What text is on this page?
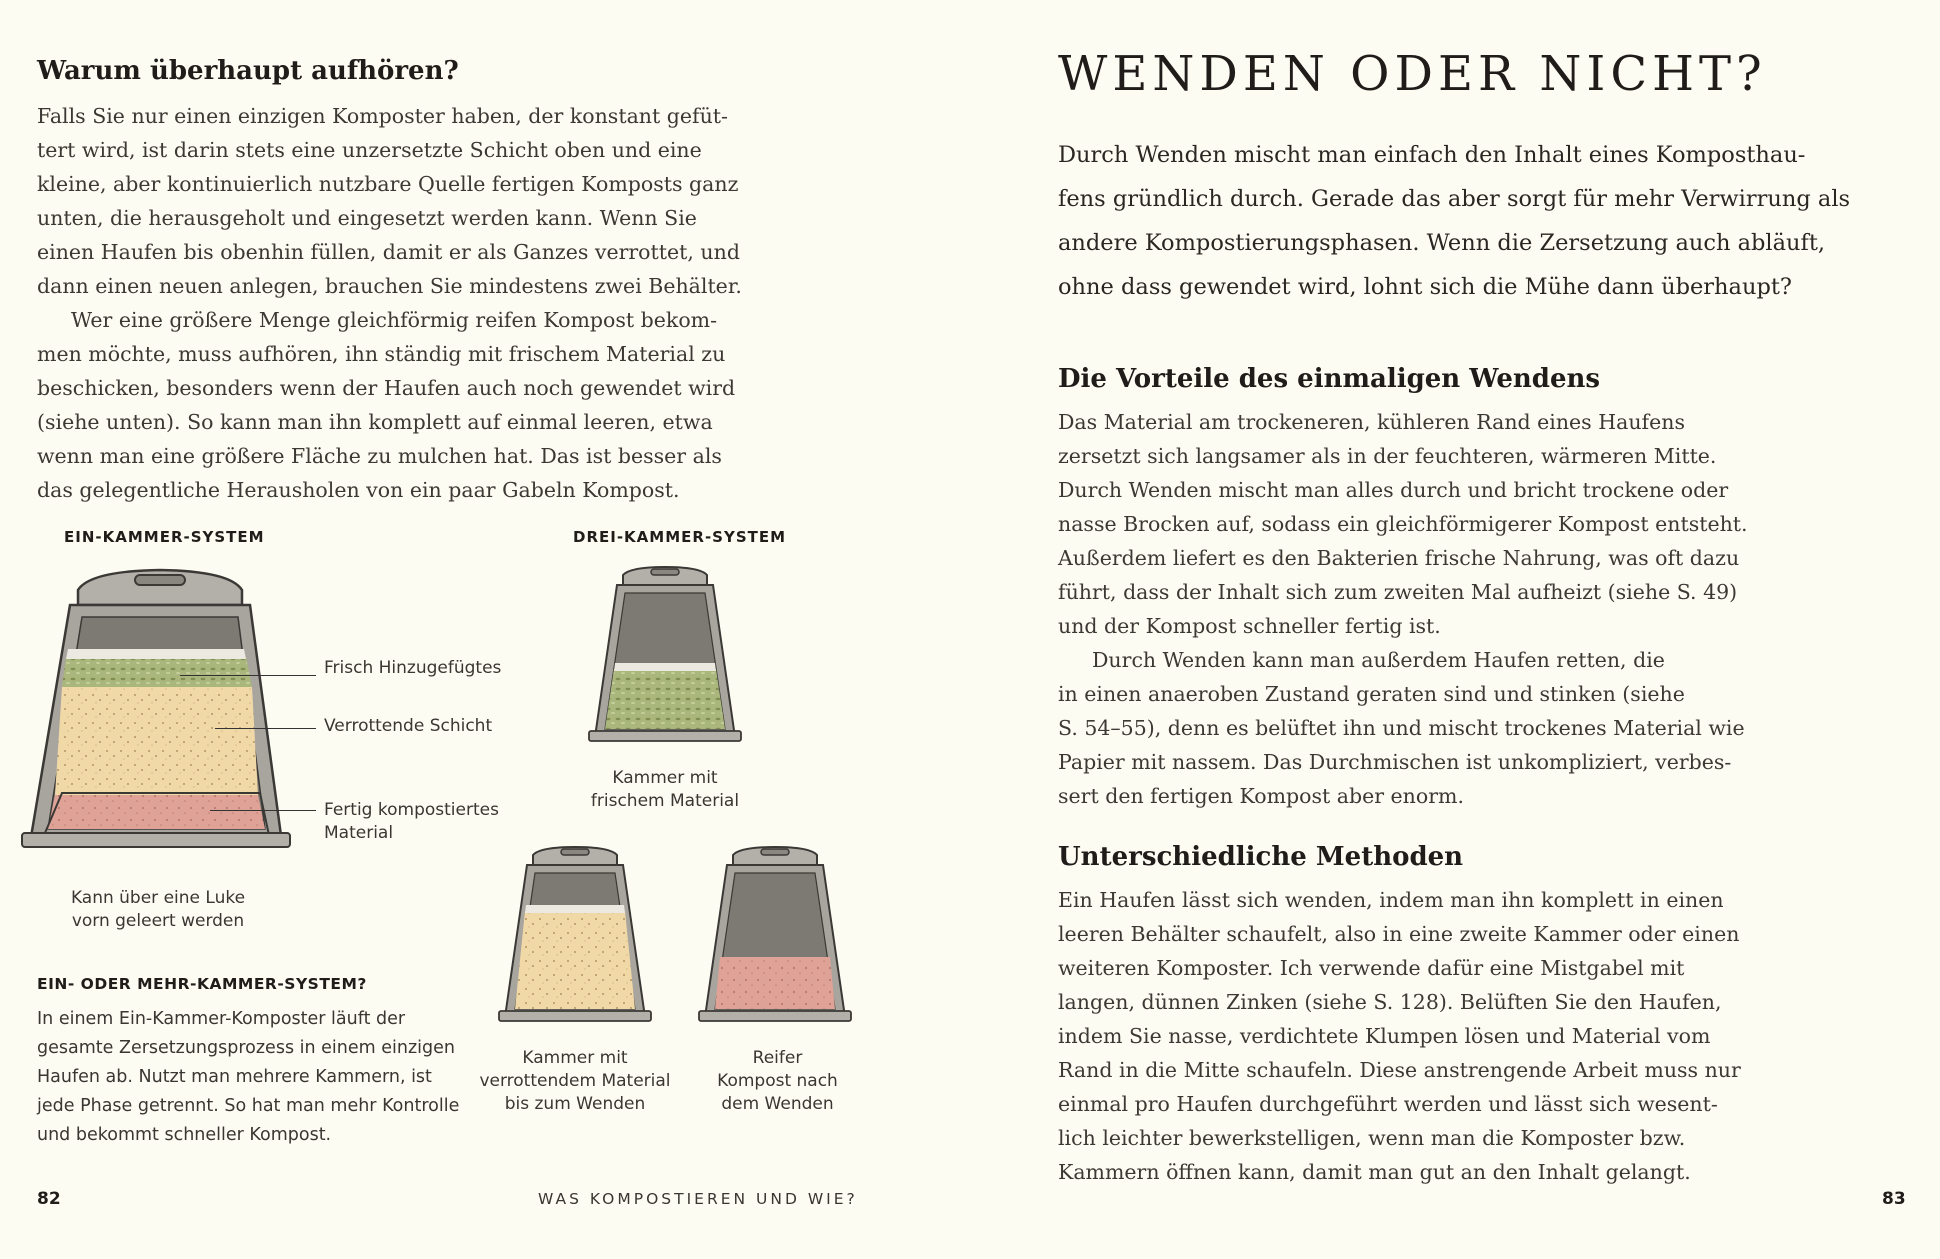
Warum überhaupt aufhören?

Falls Sie nur einen einzigen Komposter haben, der konstant gefüt-

tert wird, ist darin stets eine unzersetzte Schicht oben und eine

kleine, aber kontinuierlich nutzbare Quelle fertigen Komposts ganz

unten, die herausgeholt und eingesetzt werden kann. Wenn Sie

einen Haufen bis obenhin füllen, damit er als Ganzes verrottet, und

dann einen neuen anlegen, brauchen Sie mindestens zwei Behälter.

Wer eine größere Menge gleichförmig reifen Kompost bekom-

men möchte, muss aufhören, ihn ständig mit frischem Material zu

beschicken, besonders wenn der Haufen auch noch gewendet wird

(siehe unten). So kann man ihn komplett auf einmal leeren, etwa

wenn man eine größere Fläche zu mulchen hat. Das ist besser als

das gelegentliche Herausholen von ein paar Gabeln Kompost.

EIN-KAMMER-SYSTEM	DREI-KAMMER-SYSTEM
Frisch Hinzugefügtes
Verrottende Schicht
Fertig kompostiertes
Material
Kann über eine Luke
vorn geleert werden
Kammer mit
frischem Material
Kammer mit
verrottendem Material
bis zum Wenden
Reifer
Kompost nach
dem Wenden
EIN- ODER MEHR-KAMMER-SYSTEM?
In einem Ein-Kammer-Komposter läuft der
gesamte Zersetzungsprozess in einem einzigen
Haufen ab. Nutzt man mehrere Kammern, ist
jede Phase getrennt. So hat man mehr Kontrolle
und bekommt schneller Kompost.
82	WAS KOMPOSTIEREN UND WIE?
WENDEN ODER NICHT?
Durch Wenden mischt man einfach den Inhalt eines Komposthau-
fens gründlich durch. Gerade das aber sorgt für mehr Verwirrung als
andere Kompostierungsphasen. Wenn die Zersetzung auch abläuft,
ohne dass gewendet wird, lohnt sich die Mühe dann überhaupt?
Die Vorteile des einmaligen Wendens

Das Material am trockeneren, kühleren Rand eines Haufens

zersetzt sich langsamer als in der feuchteren, wärmeren Mitte.

Durch Wenden mischt man alles durch und bricht trockene oder

nasse Brocken auf, sodass ein gleichförmigerer Kompost entsteht.

Außerdem liefert es den Bakterien frische Nahrung, was oft dazu

führt, dass der Inhalt sich zum zweiten Mal aufheizt (siehe S. 49)

und der Kompost schneller fertig ist.

Durch Wenden kann man außerdem Haufen retten, die

in einen anaeroben Zustand geraten sind und stinken (siehe

S. 54–55), denn es belüftet ihn und mischt trockenes Material wie

Papier mit nassem. Das Durchmischen ist unkompliziert, verbes-

sert den fertigen Kompost aber enorm.

Unterschiedliche Methoden

Ein Haufen lässt sich wenden, indem man ihn komplett in einen

leeren Behälter schaufelt, also in eine zweite Kammer oder einen

weiteren Komposter. Ich verwende dafür eine Mistgabel mit

langen, dünnen Zinken (siehe S. 128). Belüften Sie den Haufen,

indem Sie nasse, verdichtete Klumpen lösen und Material vom

Rand in die Mitte schaufeln. Diese anstrengende Arbeit muss nur

einmal pro Haufen durchgeführt werden und lässt sich wesent-

lich leichter bewerkstelligen, wenn man die Komposter bzw.

Kammern öffnen kann, damit man gut an den Inhalt gelangt.

83
